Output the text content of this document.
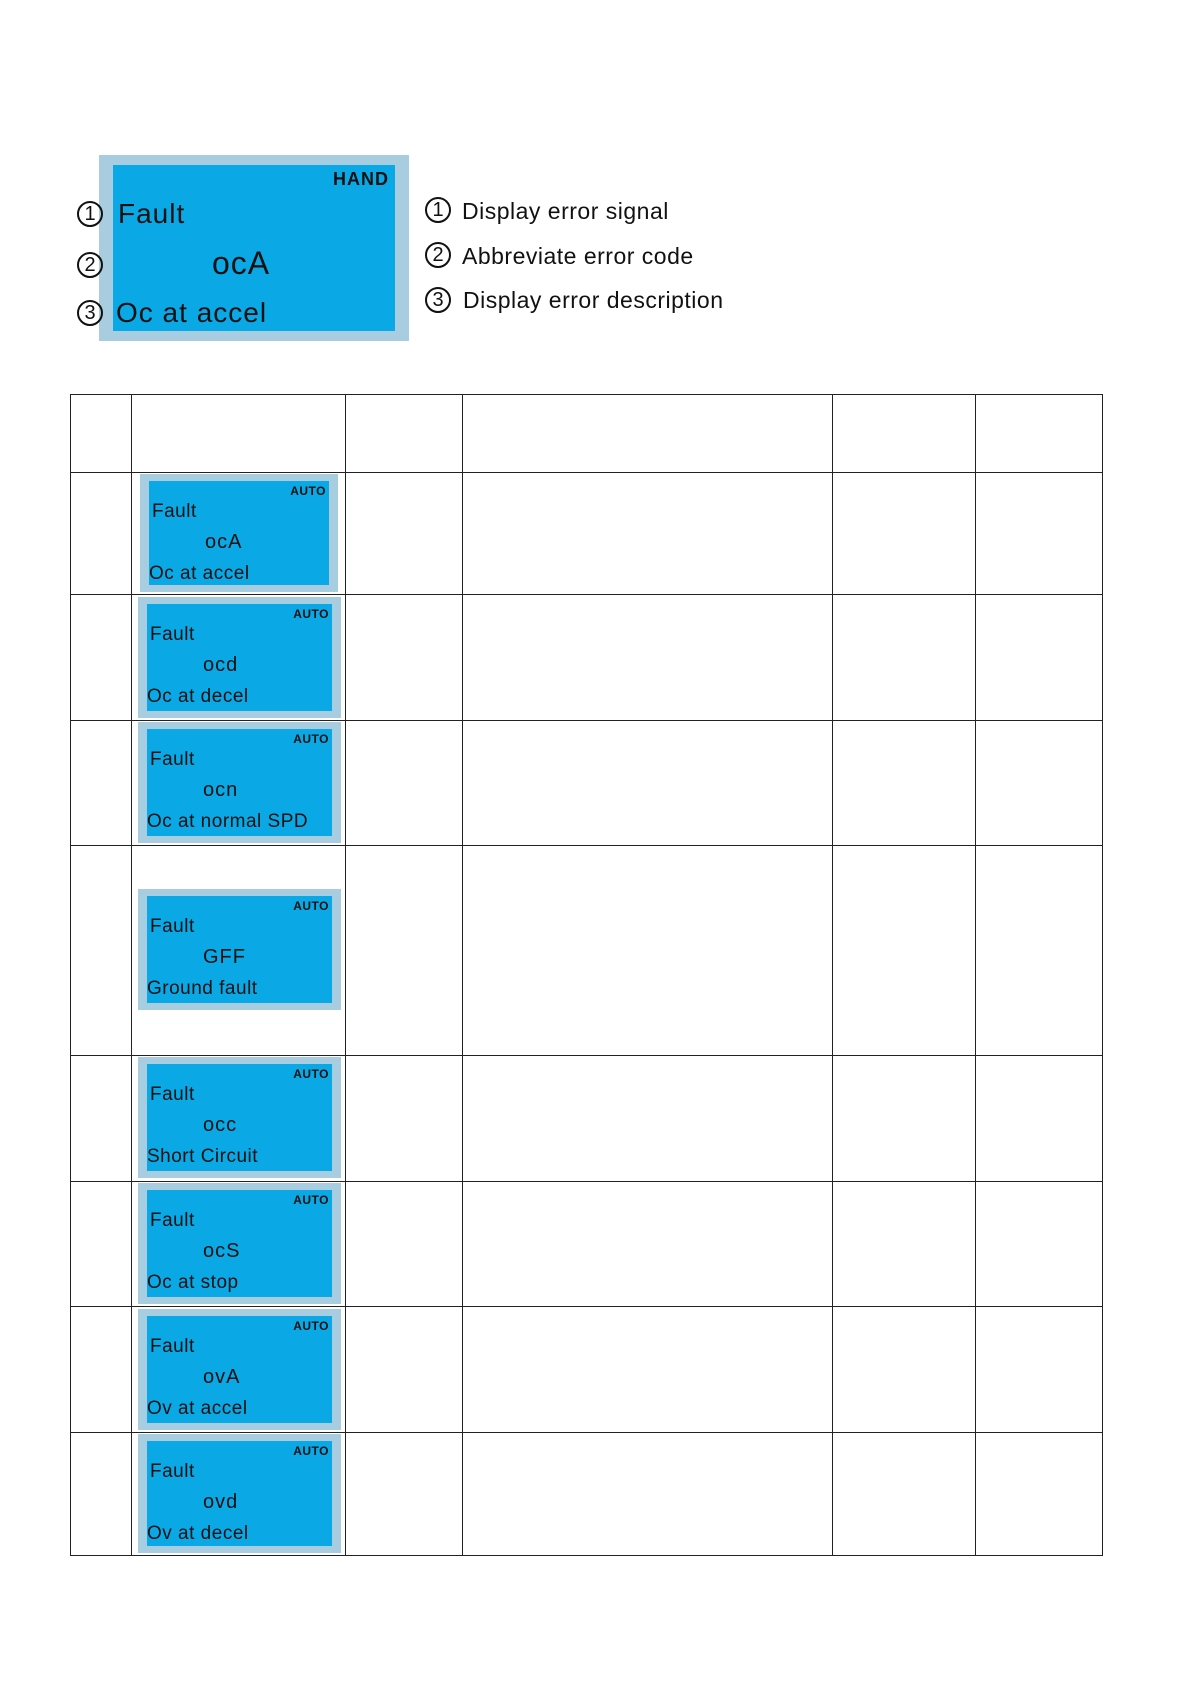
HAND
Fault
ocA
Oc at accel
1
2
3
1 Display error signal
2 Abbreviate error code
3 Display error description
AUTO
Fault
ocA
Oc at accel
AUTO
Fault
ocd
Oc at decel
AUTO
Fault
ocn
Oc at normal SPD
AUTO
Fault
GFF
Ground fault
AUTO
Fault
occ
Short Circuit
AUTO
Fault
ocS
Oc at stop
AUTO
Fault
ovA
Ov at accel
AUTO
Fault
ovd
Ov at decel
